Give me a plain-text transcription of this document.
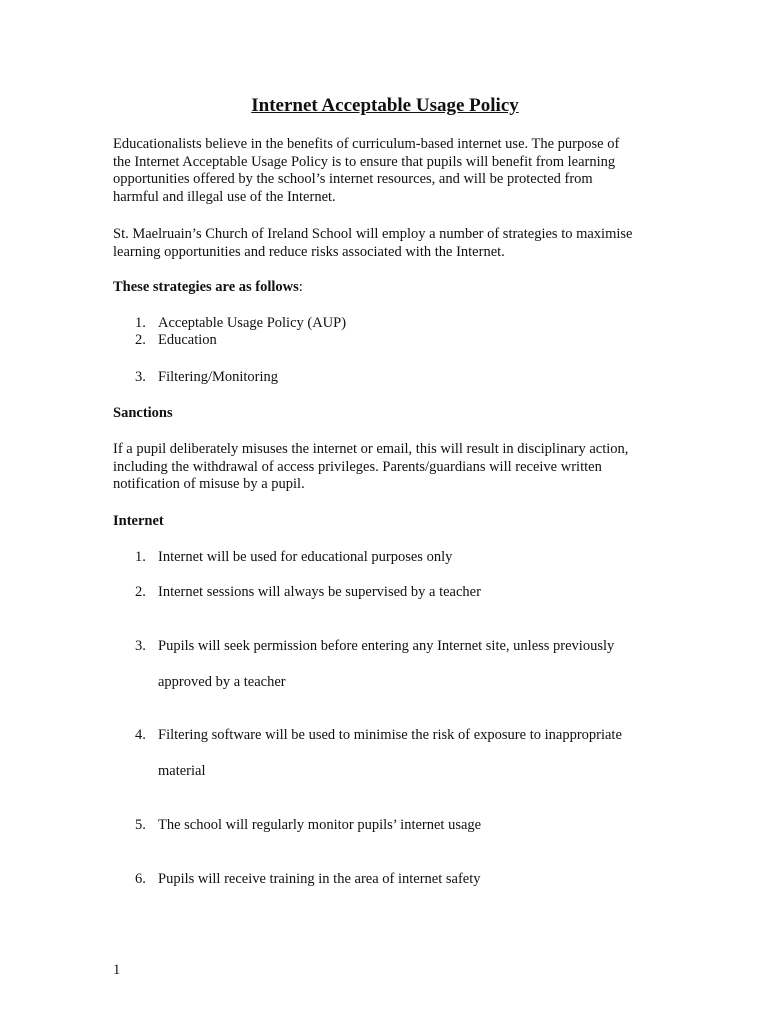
Internet Acceptable Usage Policy
Educationalists believe in the benefits of curriculum-based internet use. The purpose of
the Internet Acceptable Usage Policy is to ensure that pupils will benefit from learning
opportunities offered by the school’s internet resources, and will be protected from
harmful and illegal use of the Internet.
St. Maelruain’s Church of Ireland School will employ a number of strategies to maximise
learning opportunities and reduce risks associated with the Internet.

These strategies are as follows:

1. Acceptable Usage Policy (AUP)
2. Education
3. Filtering/Monitoring

Sanctions

If a pupil deliberately misuses the internet or email, this will result in disciplinary action,
including the withdrawal of access privileges. Parents/guardians will receive written
notification of misuse by a pupil.

Internet

1. Internet will be used for educational purposes only
2. Internet sessions will always be supervised by a teacher
3. Pupils will seek permission before entering any Internet site, unless previously

approved by a teacher

4. Filtering software will be used to minimise the risk of exposure to inappropriate

material

5. The school will regularly monitor pupils’ internet usage
6. Pupils will receive training in the area of internet safety

1
